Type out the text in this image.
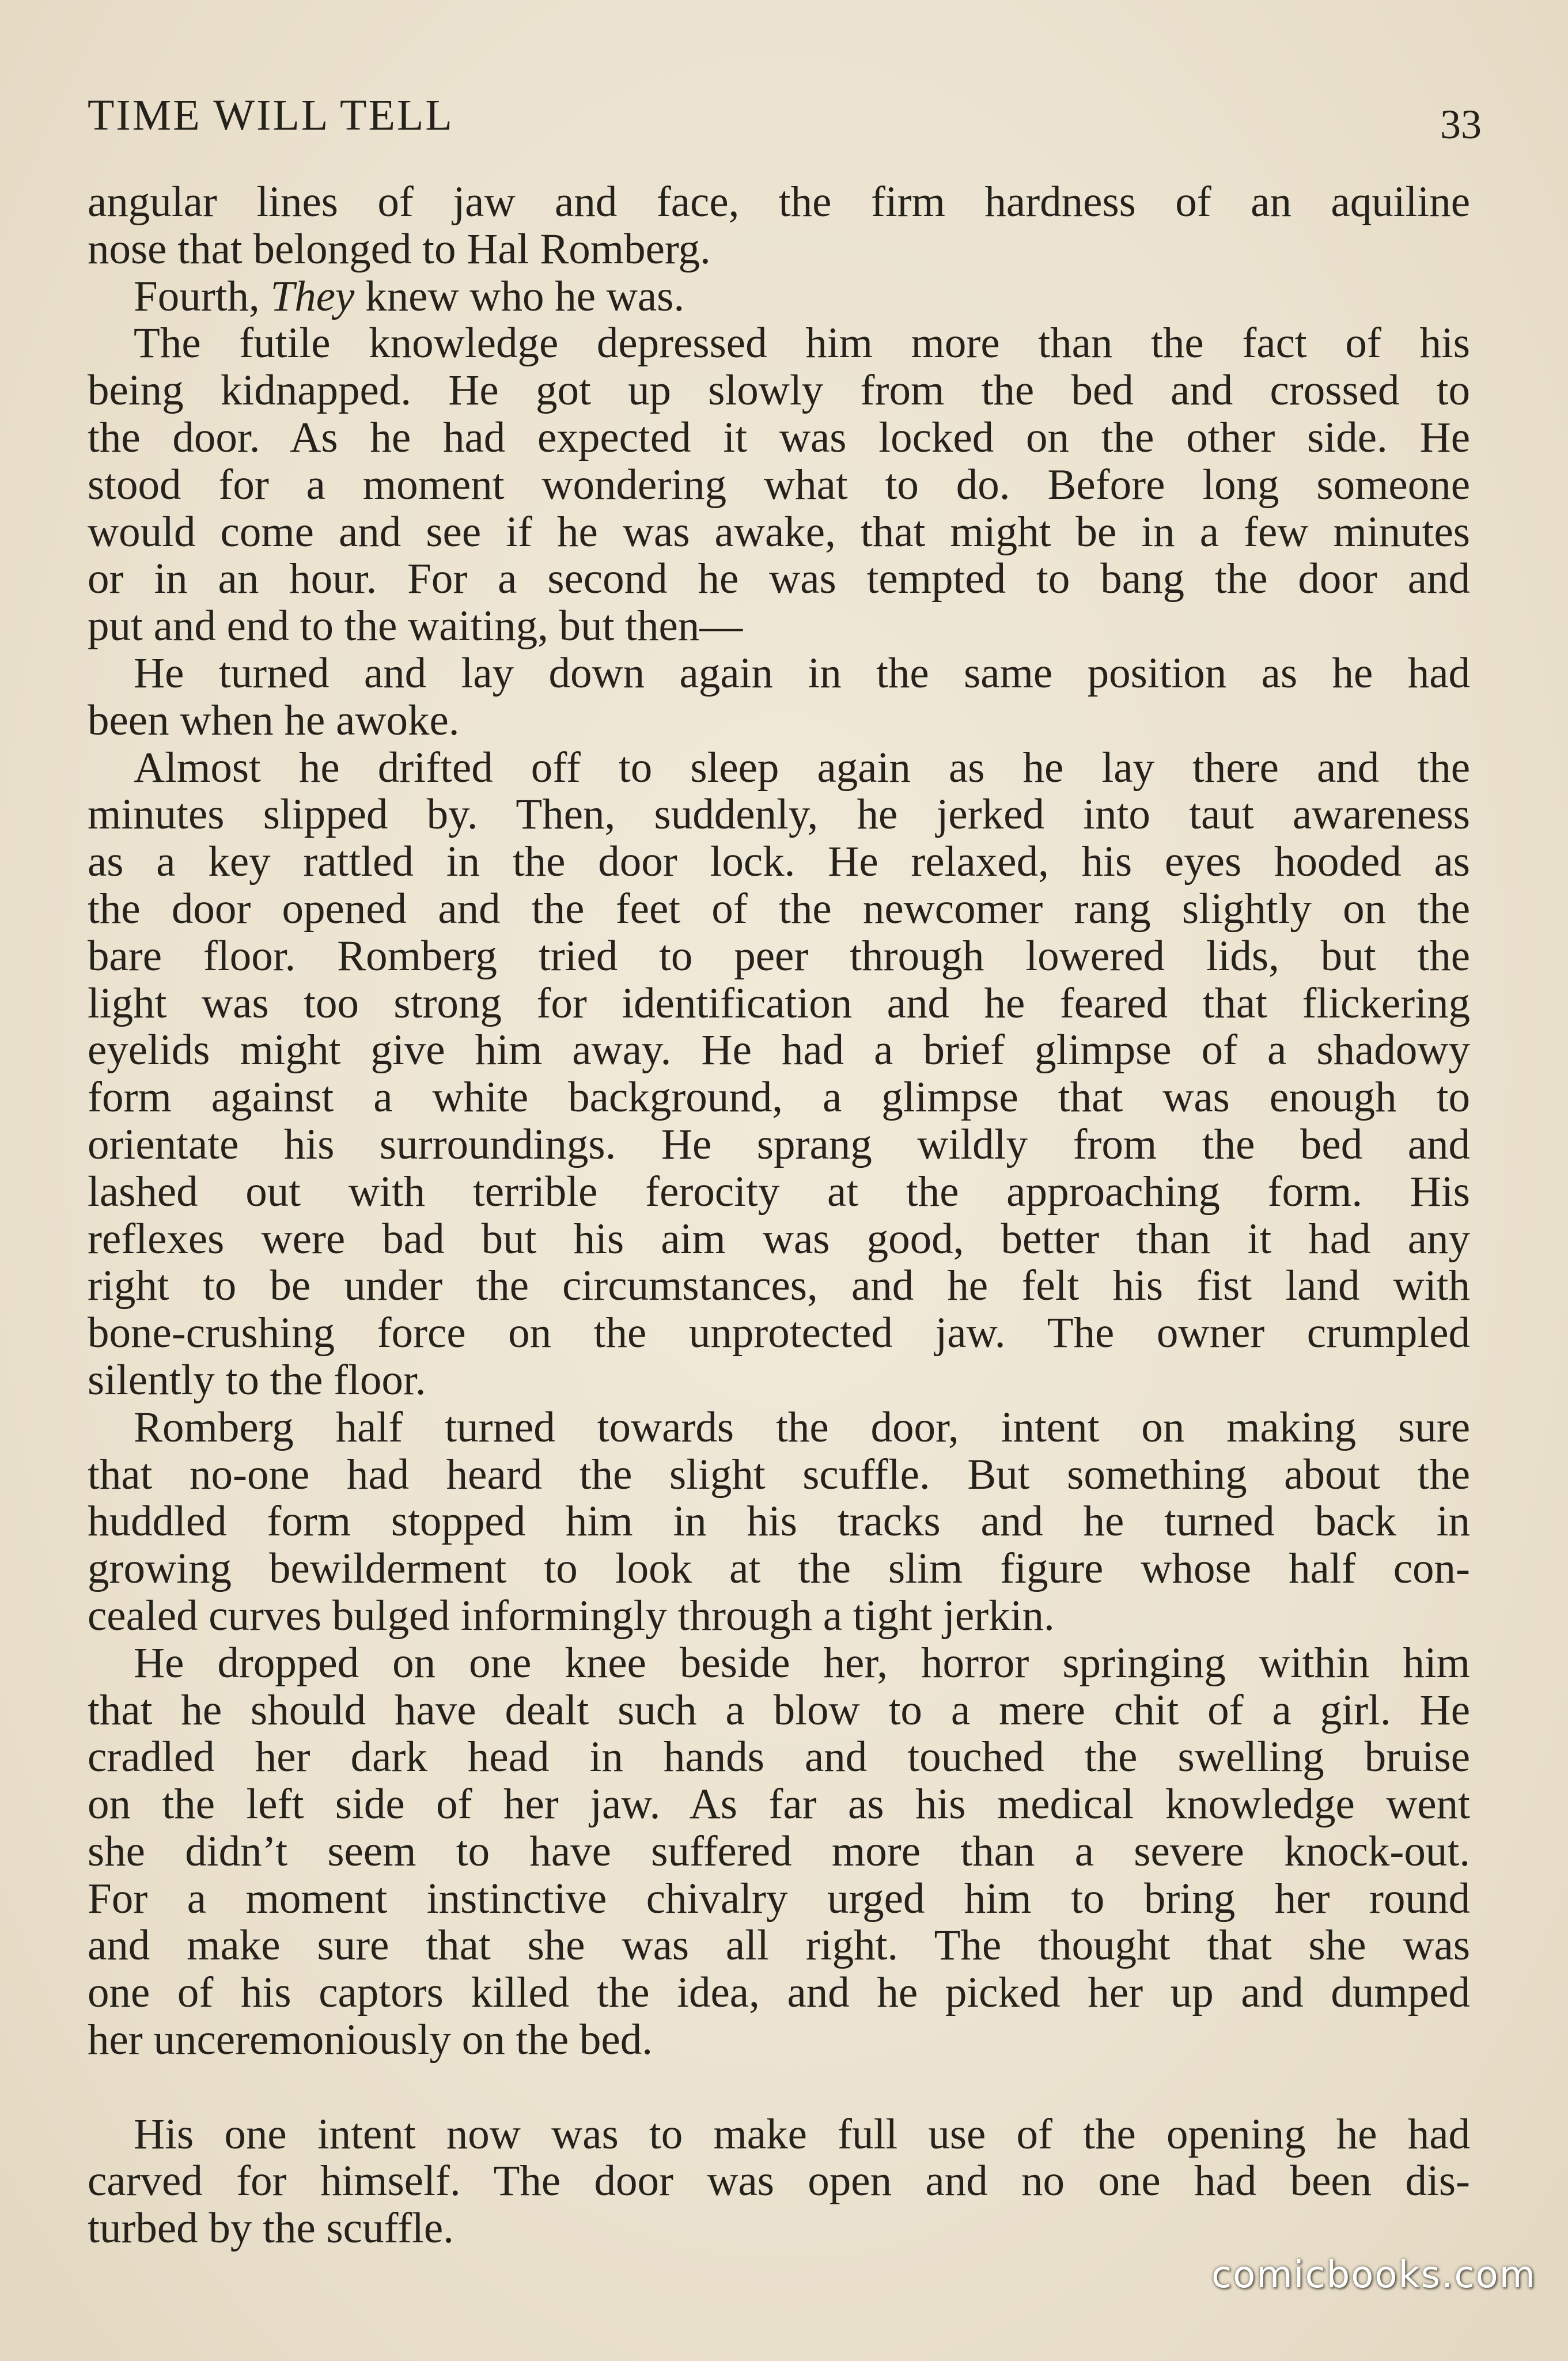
TIME WILL TELL	33
angular lines of jaw and face, the firm hardness of an aquiline
nose that belonged to Hal Romberg.
Fourth, They knew who he was.
The futile knowledge depressed him more than the fact of his
being kidnapped. He got up slowly from the bed and crossed to
the door. As he had expected it was locked on the other side. He
stood for a moment wondering what to do. Before long someone
would come and see if he was awake, that might be in a few minutes
or in an hour. For a second he was tempted to bang the door and
put and end to the waiting, but then—
He turned and lay down again in the same position as he had
been when he awoke.
Almost he drifted off to sleep again as he lay there and the
minutes slipped by. Then, suddenly, he jerked into taut awareness
as a key rattled in the door lock. He relaxed, his eyes hooded as
the door opened and the feet of the newcomer rang slightly on the
bare floor. Romberg tried to peer through lowered lids, but the
light was too strong for identification and he feared that flickering
eyelids might give him away. He had a brief glimpse of a shadowy
form against a white background, a glimpse that was enough to
orientate his surroundings. He sprang wildly from the bed and
lashed out with terrible ferocity at the approaching form. His
reflexes were bad but his aim was good, better than it had any
right to be under the circumstances, and he felt his fist land with
bone-crushing force on the unprotected jaw. The owner crumpled
silently to the floor.
Romberg half turned towards the door, intent on making sure
that no-one had heard the slight scuffle. But something about the
huddled form stopped him in his tracks and he turned back in
growing bewilderment to look at the slim figure whose half con-
cealed curves bulged informingly through a tight jerkin.
He dropped on one knee beside her, horror springing within him
that he should have dealt such a blow to a mere chit of a girl. He
cradled her dark head in hands and touched the swelling bruise
on the left side of her jaw. As far as his medical knowledge went
she didn’t seem to have suffered more than a severe knock-out.
For a moment instinctive chivalry urged him to bring her round
and make sure that she was all right. The thought that she was
one of his captors killed the idea, and he picked her up and dumped
her unceremoniously on the bed.
His one intent now was to make full use of the opening he had
carved for himself. The door was open and no one had been dis-
turbed by the scuffle.
comicbooks.com
